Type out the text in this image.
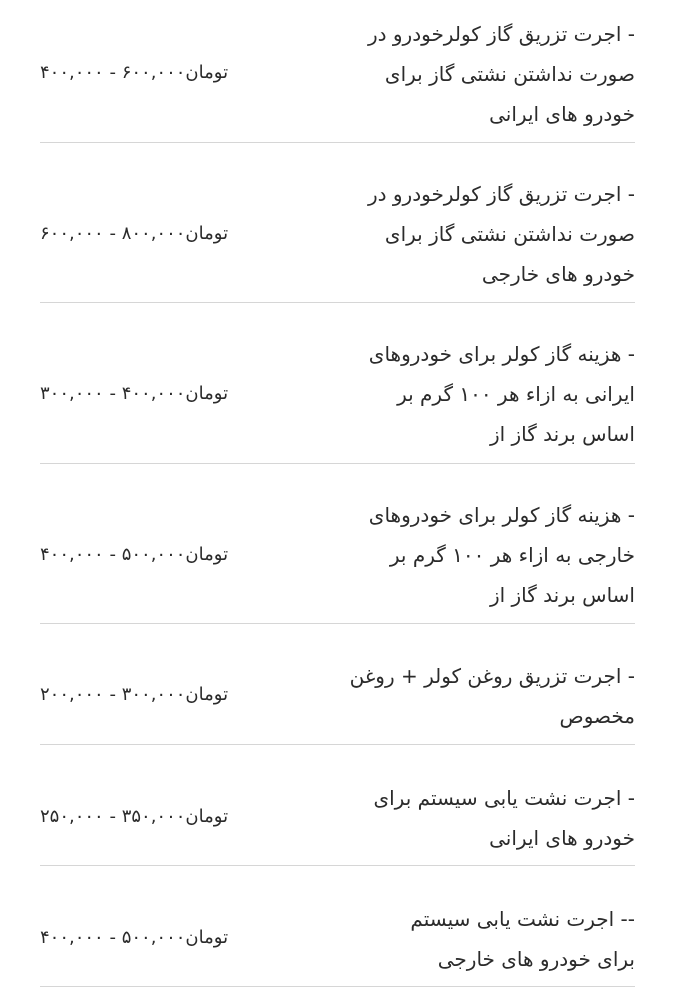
- اجرت تزریق گاز کولرخودرو در
صورت نداشتن نشتی گاز برای
خودرو های ایرانی
تومان۶۰۰,۰۰۰ - ۴۰۰,۰۰۰
- اجرت تزریق گاز کولرخودرو در
صورت نداشتن نشتی گاز برای
خودرو های خارجی
تومان۸۰۰,۰۰۰ - ۶۰۰,۰۰۰
- هزینه گاز کولر برای خودروهای
ایرانی به ازاء هر ۱۰۰ گرم بر
اساس برند گاز از
تومان۴۰۰,۰۰۰ - ۳۰۰,۰۰۰
- هزینه گاز کولر برای خودروهای
خارجی به ازاء هر ۱۰۰ گرم بر
اساس برند گاز از
تومان۵۰۰,۰۰۰ - ۴۰۰,۰۰۰
- اجرت تزریق روغن کولر + روغن
مخصوص
تومان۳۰۰,۰۰۰ - ۲۰۰,۰۰۰
- اجرت نشت یابی سیستم برای
خودرو های ایرانی
تومان۳۵۰,۰۰۰ - ۲۵۰,۰۰۰
-- اجرت نشت یابی سیستم
برای خودرو های خارجی
تومان۵۰۰,۰۰۰ - ۴۰۰,۰۰۰
